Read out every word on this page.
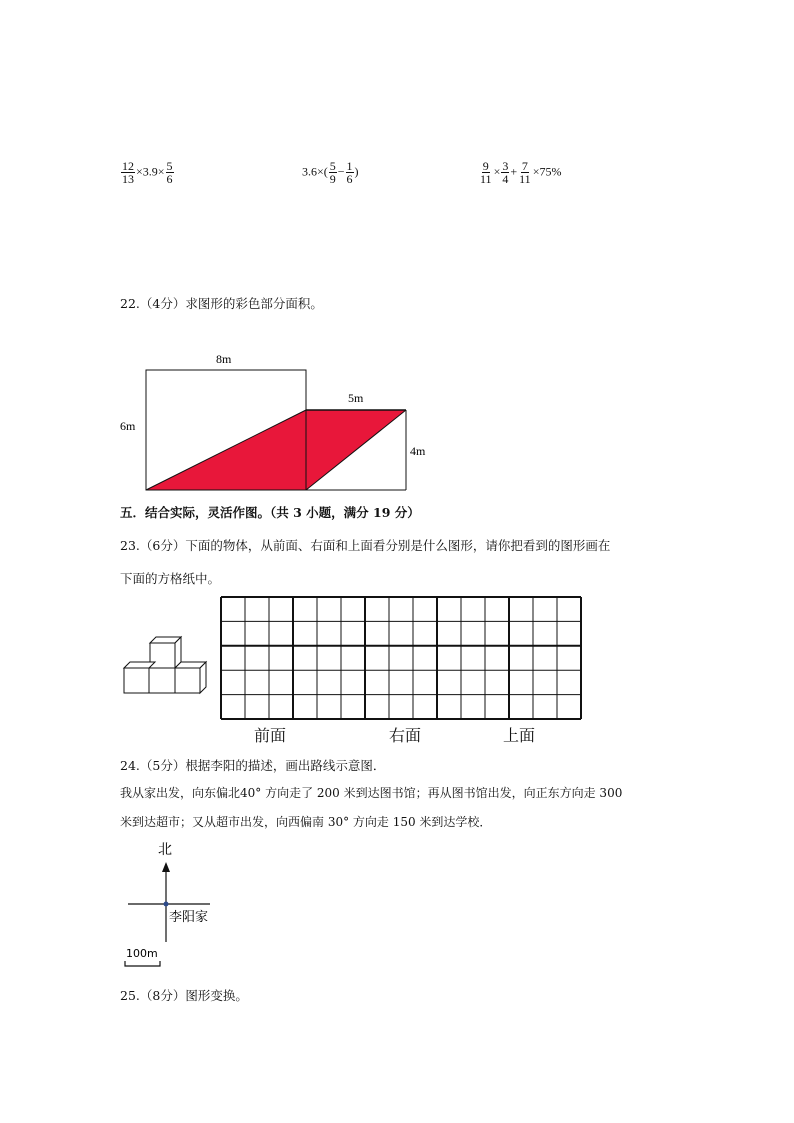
$\frac{12}{13} \times 3.9\times \frac{5}{6}$	$3.6\times( \frac{5}{9} - \frac{1}{6}$ )	$\frac{9}{11} \times \frac{3}{4} + \frac{7}{11} \times 75\%$
22.（4分）求图形的彩色部分面积。
8m
6m
5m
4m
五．结合实际，灵活作图。（共 3 小题，满分 19 分）
23.（6分）下面的物体，从前面、右面和上面看分别是什么图形，请你把看到的图形画在
下面的方格纸中。
前面	右面	上面
24.（5分）根据李阳的描述，画出路线示意图．
我从家出发，向东偏北40° 方向走了 200 米到达图书馆；再从图书馆出发，向正东方向走 300
米到达超市；又从超市出发，向西偏南 30° 方向走 150 米到达学校．
北
李阳家
100m
25.（8分）图形变换。
